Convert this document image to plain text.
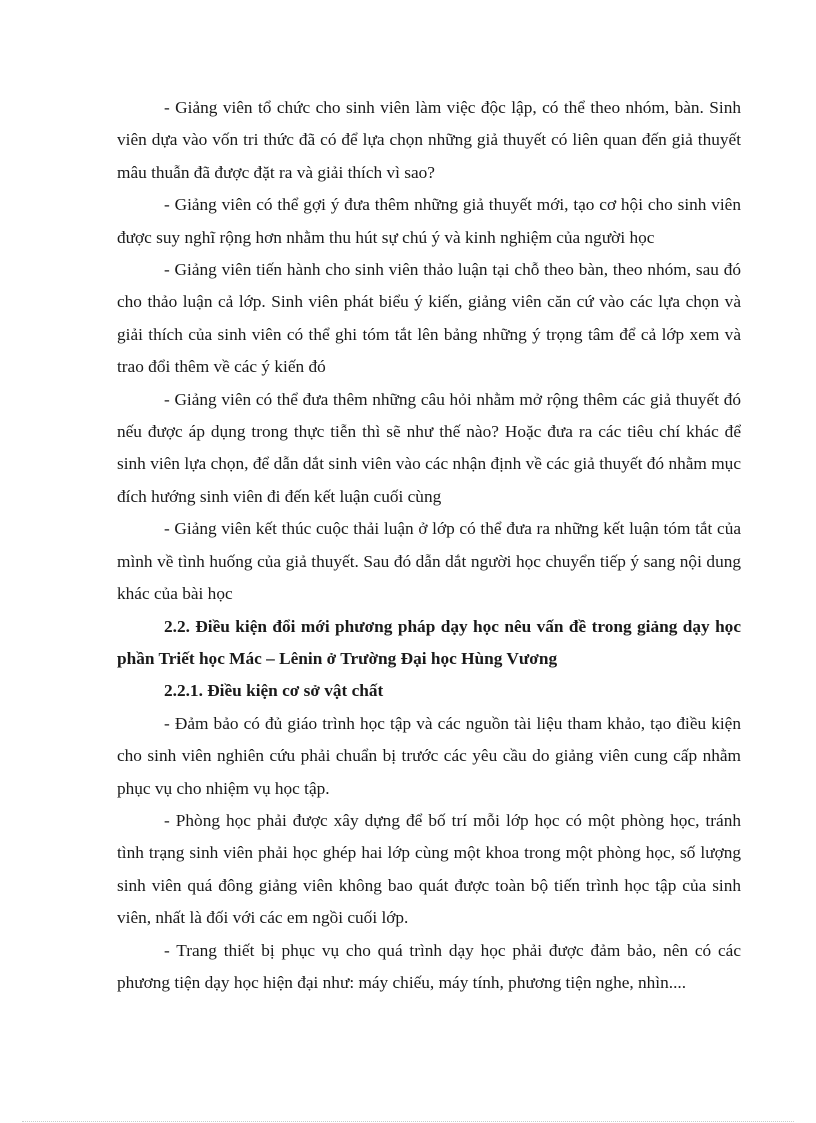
- Giảng viên tổ chức cho sinh viên làm việc độc lập, có thể theo nhóm, bàn. Sinh viên dựa vào vốn tri thức đã có để lựa chọn những giả thuyết có liên quan đến giả thuyết mâu thuẫn đã được đặt ra và giải thích vì sao?

- Giảng viên có thể gợi ý đưa thêm những giả thuyết mới, tạo cơ hội cho sinh viên được suy nghĩ rộng hơn nhằm thu hút sự chú ý và kinh nghiệm của người học

- Giảng viên tiến hành cho sinh viên thảo luận tại chỗ theo bàn, theo nhóm, sau đó cho thảo luận cả lớp. Sinh viên phát biểu ý kiến, giảng viên căn cứ vào các lựa chọn và giải thích của sinh viên có thể ghi tóm tắt lên bảng những ý trọng tâm để cả lớp xem và trao đổi thêm về các ý kiến đó

- Giảng viên có thể đưa thêm những câu hỏi nhằm mở rộng thêm các giả thuyết đó nếu được áp dụng trong thực tiễn thì sẽ như thế nào? Hoặc đưa ra các tiêu chí khác để sinh viên lựa chọn, để dẫn dắt sinh viên vào các nhận định về các giả thuyết đó nhằm mục đích hướng sinh viên đi đến kết luận cuối cùng

- Giảng viên kết thúc cuộc thải luận ở lớp có thể đưa ra những kết luận tóm tắt của mình về tình huống của giả thuyết. Sau đó dẫn dắt người học chuyển tiếp ý sang nội dung khác của bài học

2.2. Điều kiện đổi mới phương pháp dạy học nêu vấn đề trong giảng dạy học phần Triết học Mác – Lênin ở Trường Đại học Hùng Vương

2.2.1. Điều kiện cơ sở vật chất

- Đảm bảo có đủ giáo trình học tập và các nguồn tài liệu tham khảo, tạo điều kiện cho sinh viên nghiên cứu phải chuẩn bị trước các yêu cầu do giảng viên cung cấp nhằm phục vụ cho nhiệm vụ học tập.

- Phòng học phải được xây dựng để bố trí mỗi lớp học có một phòng học, tránh tình trạng sinh viên phải học ghép hai lớp cùng một khoa trong một phòng học, số lượng sinh viên quá đông giảng viên không bao quát được toàn bộ tiến trình học tập của sinh viên, nhất là đối với các em ngồi cuối lớp.

- Trang thiết bị phục vụ cho quá trình dạy học phải được đảm bảo, nên có các phương tiện dạy học hiện đại như: máy chiếu, máy tính, phương tiện nghe, nhìn....
